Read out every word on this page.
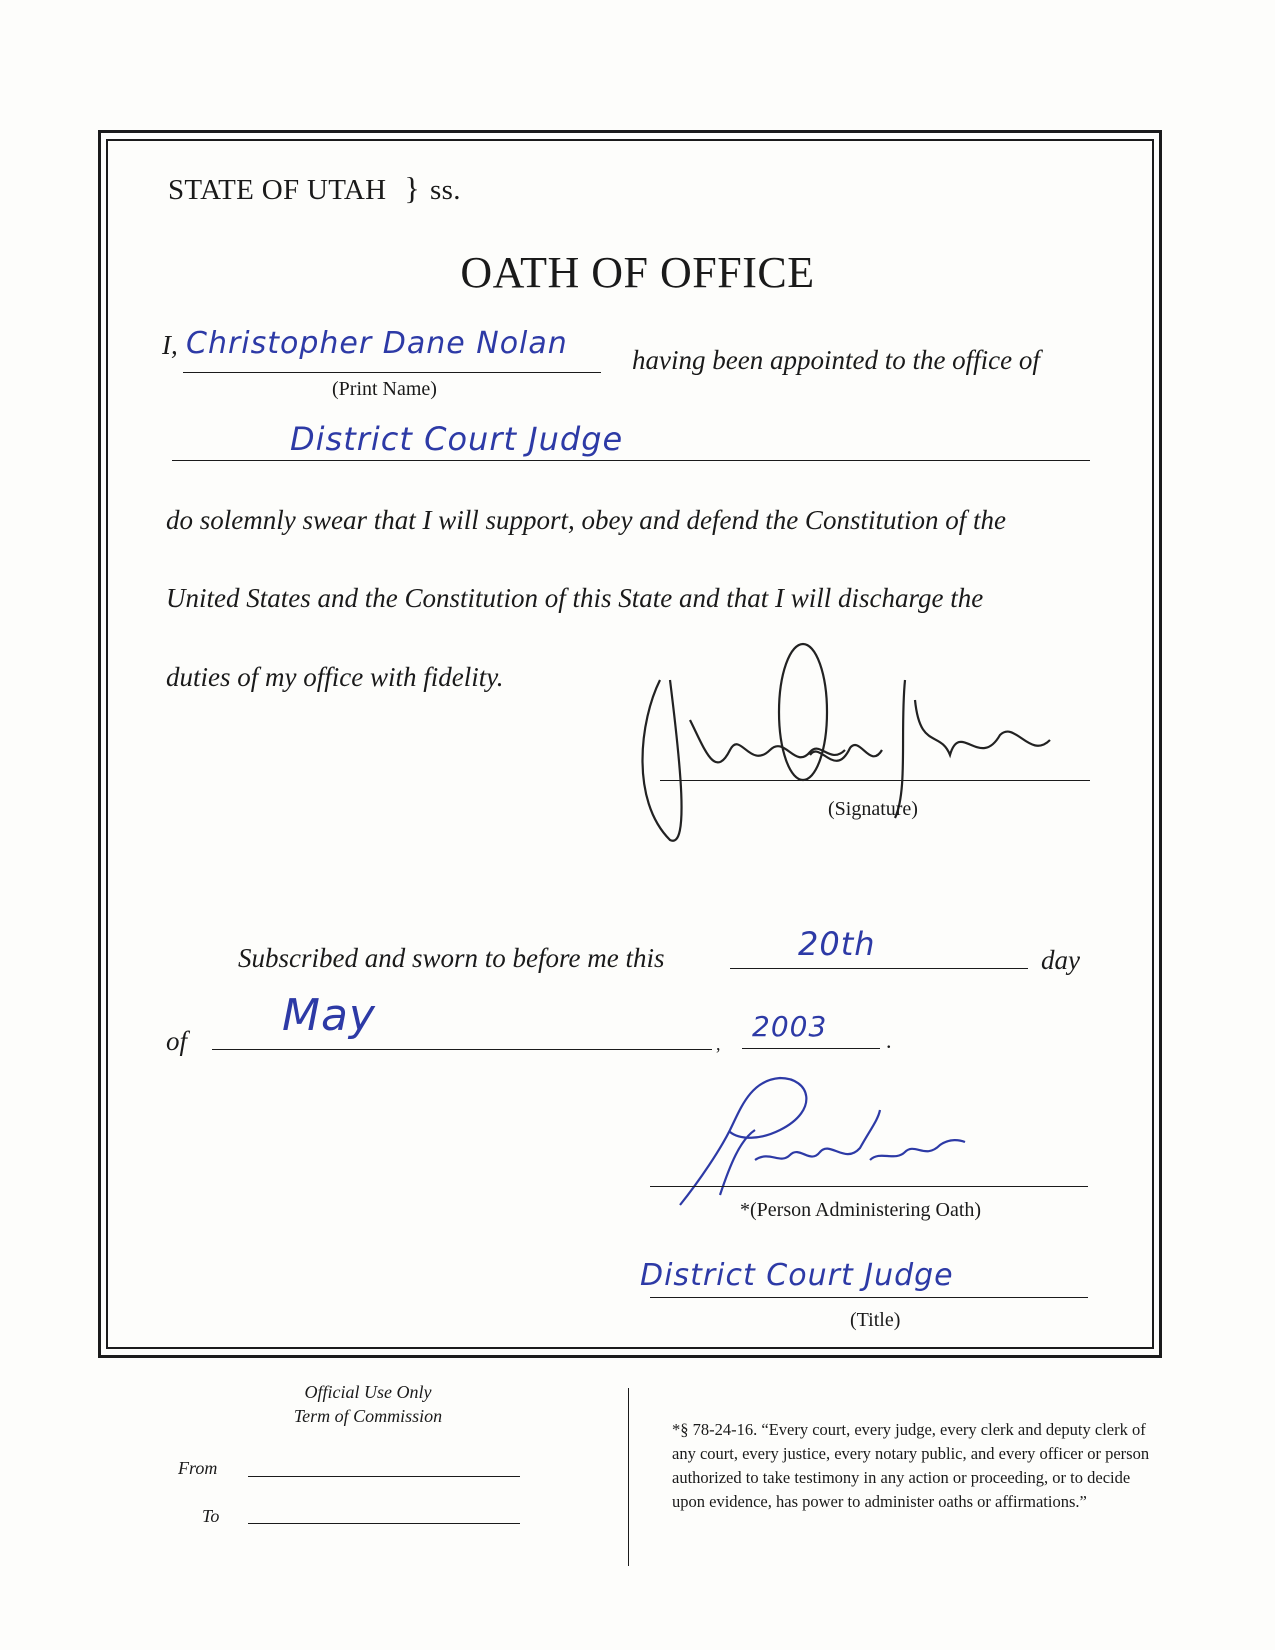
STATE OF UTAH } ss.
OATH OF OFFICE
I, Christopher Dane Nolan having been appointed to the office of
(Print Name)
District Court Judge
do solemnly swear that I will support, obey and defend the Constitution of the
United States and the Constitution of this State and that I will discharge the
duties of my office with fidelity.
(Signature)
Subscribed and sworn to before me this	20th	day
of May
,
2003	.
*(Person Administering Oath)
District Court Judge
(Title)
Official Use Only
Term of Commission
From
To
*§ 78-24-16. “Every court, every judge, every clerk and deputy clerk of any court, every justice, every notary public, and every officer or person authorized to take testimony in any action or proceeding, or to decide upon evidence, has power to administer oaths or affirmations.”
